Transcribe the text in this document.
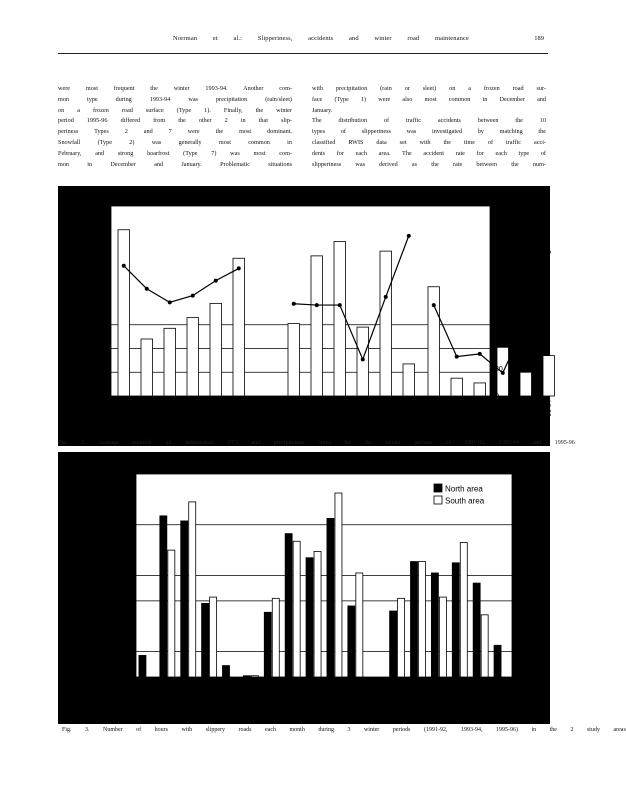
Norrman et al.: Slipperiness, accidents and winter road maintenance	189

were most frequent the winter 1993-94. Another com-

mon type during 1993-94 was precipitation (rain/sleet)

on a frozen road surface (Type 1). Finally, the winter

period 1995-96 differed from the other 2 in that slip-

periness Types 2 and 7 were the most dominant.

Snowfall (Type 2) was generally most common in

February, and strong hoarfrost (Type 7) was most com-

mon in December and January. Problematic situations

with precipitation (rain or sleet) on a frozen road sur-

face (Type 1) were also most common in December and

January.

The distribution of traffic accidents between the 10

types of slipperiness was investigated by matching the

classified RWIS data set with the time of traffic acci-

dents for each area. The accident rate for each type of

slipperiness was derived as the rate between the num-

91-11 91-12 92-01 92-02 92-03 92-04	93-11 93-12 94-01 94-02 94-03 94-04	95-11 95-12 96-01 96-02 96-03 96-04
10.0
8.0
6.0
4.0
2.0
0.0
-2.0
-4.0
-6.0
140
120
100
80
60
40
20
0
Temperature (°C)	Precipitation (mm)
Year and month
Fig. 2. Average monthly air temperature (°C) and precipitation (mm) for the winter periods of 1991-92, 1993-94 and 1995-96
91-11 91-12 92-01 92-02 92-03 92-04 93-11 93-12 94-01 94-02 94-03 94-04 95-11 95-12 96-01 96-02 96-03 96-04
160
140
120
100
80
60
40
20
0
Hours with slippery roads
Year and month
North area
South area
Fig. 3. Number of hours with slippery roads each month during 3 winter periods (1991-92, 1993-94, 1995-96) in the 2 study areas
